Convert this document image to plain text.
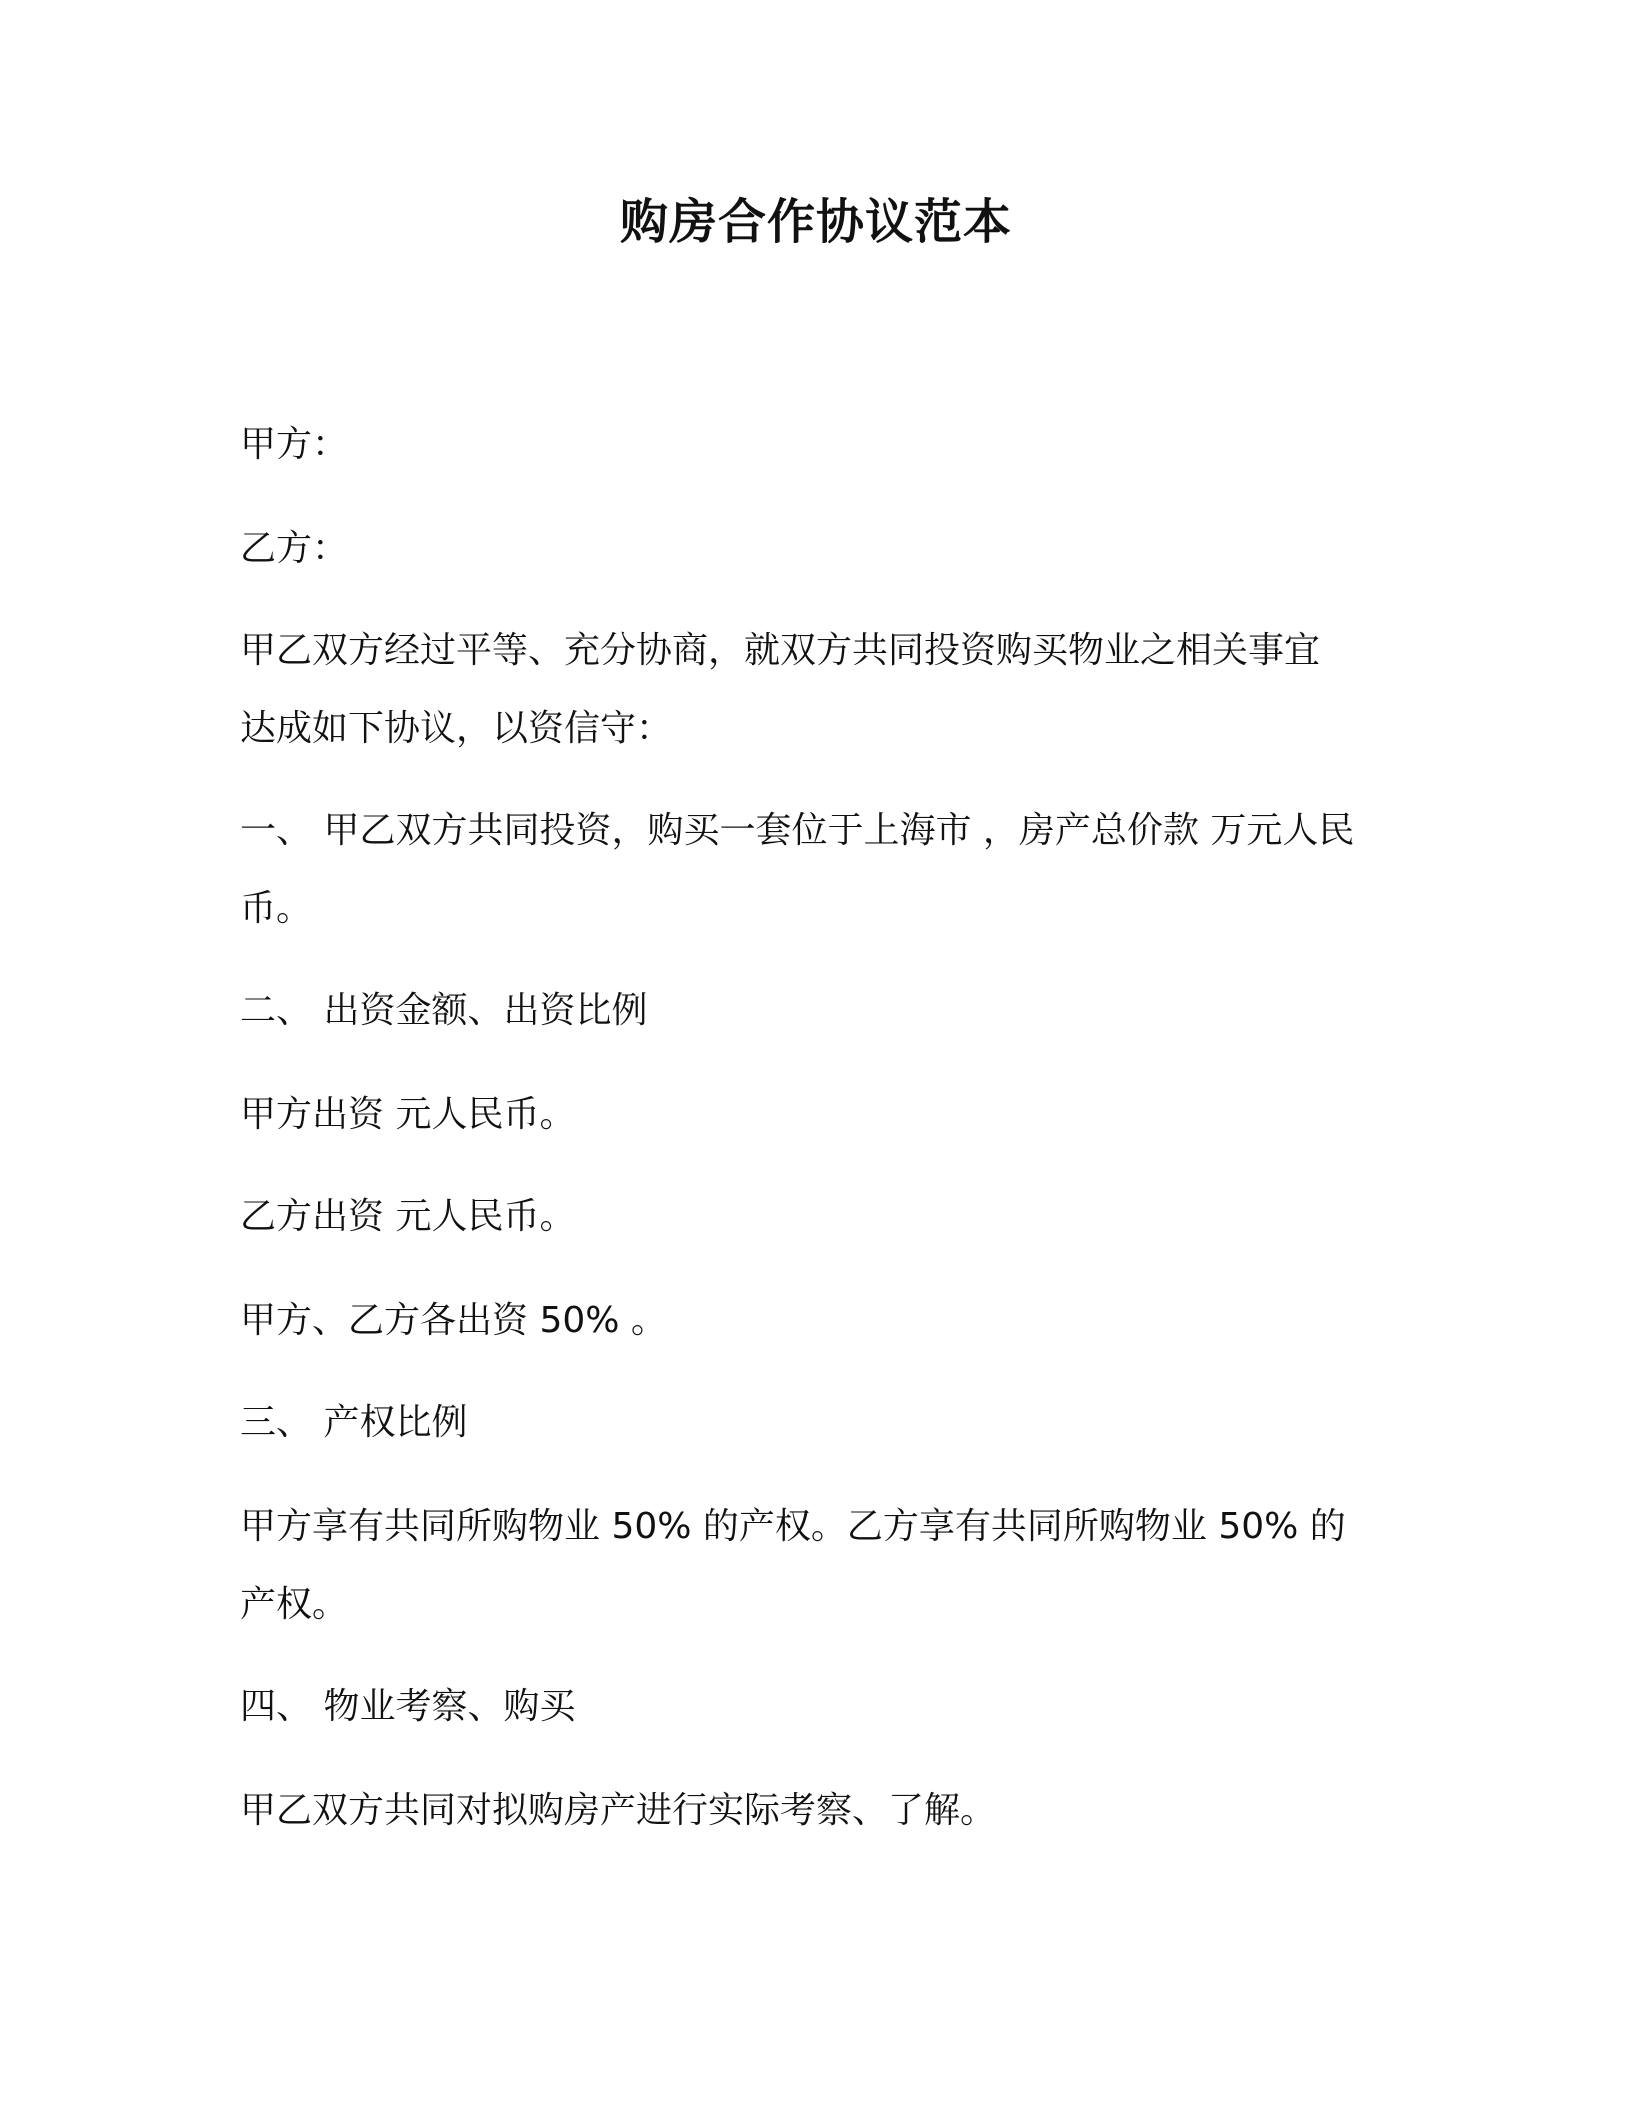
购房合作协议范本

甲方：

乙方：

甲乙双方经过平等、充分协商，就双方共同投资购买物业之相关事宜

达成如下协议，以资信守：

一、 甲乙双方共同投资，购买一套位于上海市 ，房产总价款 万元人民

币。

二、 出资金额、出资比例

甲方出资 元人民币。

乙方出资 元人民币。

甲方、乙方各出资 50% 。

三、 产权比例

甲方享有共同所购物业 50% 的产权。乙方享有共同所购物业 50% 的

产权。

四、 物业考察、购买

甲乙双方共同对拟购房产进行实际考察、了解。
